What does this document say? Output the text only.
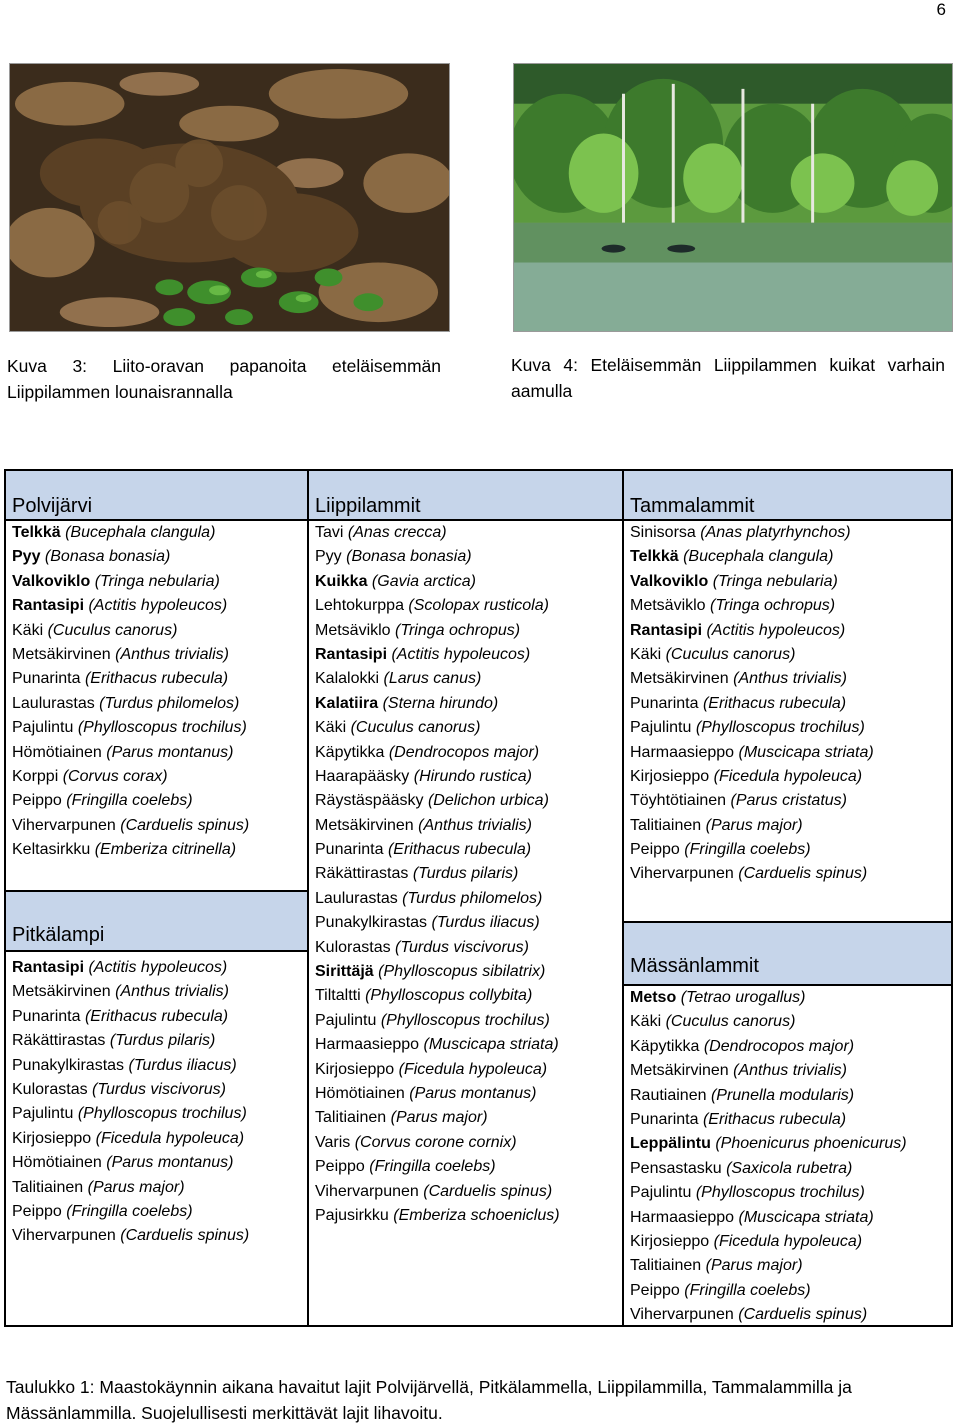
6
Kuva 3: Liito-oravan papanoita eteläisemmän Liippilammen lounaisrannalla
Kuva 4: Eteläisemmän Liippilammen kuikat varhain aamulla
Polvijärvi
Telkkä (Bucephala clangula)
Pyy (Bonasa bonasia)
Valkoviklo (Tringa nebularia)
Rantasipi (Actitis hypoleucos)
Käki (Cuculus canorus)
Metsäkirvinen (Anthus trivialis)
Punarinta (Erithacus rubecula)
Laulurastas (Turdus philomelos)
Pajulintu (Phylloscopus trochilus)
Hömötiainen (Parus montanus)
Korppi (Corvus corax)
Peippo (Fringilla coelebs)
Vihervarpunen (Carduelis spinus)
Keltasirkku (Emberiza citrinella)
Pitkälampi
Rantasipi (Actitis hypoleucos)
Metsäkirvinen (Anthus trivialis)
Punarinta (Erithacus rubecula)
Räkättirastas (Turdus pilaris)
Punakylkirastas (Turdus iliacus)
Kulorastas (Turdus viscivorus)
Pajulintu (Phylloscopus trochilus)
Kirjosieppo (Ficedula hypoleuca)
Hömötiainen (Parus montanus)
Talitiainen (Parus major)
Peippo (Fringilla coelebs)
Vihervarpunen (Carduelis spinus)
Liippilammit
Tavi (Anas crecca)
Pyy (Bonasa bonasia)
Kuikka (Gavia arctica)
Lehtokurppa (Scolopax rusticola)
Metsäviklo (Tringa ochropus)
Rantasipi (Actitis hypoleucos)
Kalalokki (Larus canus)
Kalatiira (Sterna hirundo)
Käki (Cuculus canorus)
Käpytikka (Dendrocopos major)
Haarapääsky (Hirundo rustica)
Räystäspääsky (Delichon urbica)
Metsäkirvinen (Anthus trivialis)
Punarinta (Erithacus rubecula)
Räkättirastas (Turdus pilaris)
Laulurastas (Turdus philomelos)
Punakylkirastas (Turdus iliacus)
Kulorastas (Turdus viscivorus)
Sirittäjä (Phylloscopus sibilatrix)
Tiltaltti (Phylloscopus collybita)
Pajulintu (Phylloscopus trochilus)
Harmaasieppo (Muscicapa striata)
Kirjosieppo (Ficedula hypoleuca)
Hömötiainen (Parus montanus)
Talitiainen (Parus major)
Varis (Corvus corone cornix)
Peippo (Fringilla coelebs)
Vihervarpunen (Carduelis spinus)
Pajusirkku (Emberiza schoeniclus)
Tammalammit
Sinisorsa (Anas platyrhynchos)
Telkkä (Bucephala clangula)
Valkoviklo (Tringa nebularia)
Metsäviklo (Tringa ochropus)
Rantasipi (Actitis hypoleucos)
Käki (Cuculus canorus)
Metsäkirvinen (Anthus trivialis)
Punarinta (Erithacus rubecula)
Pajulintu (Phylloscopus trochilus)
Harmaasieppo (Muscicapa striata)
Kirjosieppo (Ficedula hypoleuca)
Töyhtötiainen (Parus cristatus)
Talitiainen (Parus major)
Peippo (Fringilla coelebs)
Vihervarpunen (Carduelis spinus)
Mässänlammit
Metso (Tetrao urogallus)
Käki (Cuculus canorus)
Käpytikka (Dendrocopos major)
Metsäkirvinen (Anthus trivialis)
Rautiainen (Prunella modularis)
Punarinta (Erithacus rubecula)
Leppälintu (Phoenicurus phoenicurus)
Pensastasku (Saxicola rubetra)
Pajulintu (Phylloscopus trochilus)
Harmaasieppo (Muscicapa striata)
Kirjosieppo (Ficedula hypoleuca)
Talitiainen (Parus major)
Peippo (Fringilla coelebs)
Vihervarpunen (Carduelis spinus)
Taulukko 1: Maastokäynnin aikana havaitut lajit Polvijärvellä, Pitkälammella, Liippilammilla, Tammalammilla ja Mässänlammilla. Suojelullisesti merkittävät lajit lihavoitu.
